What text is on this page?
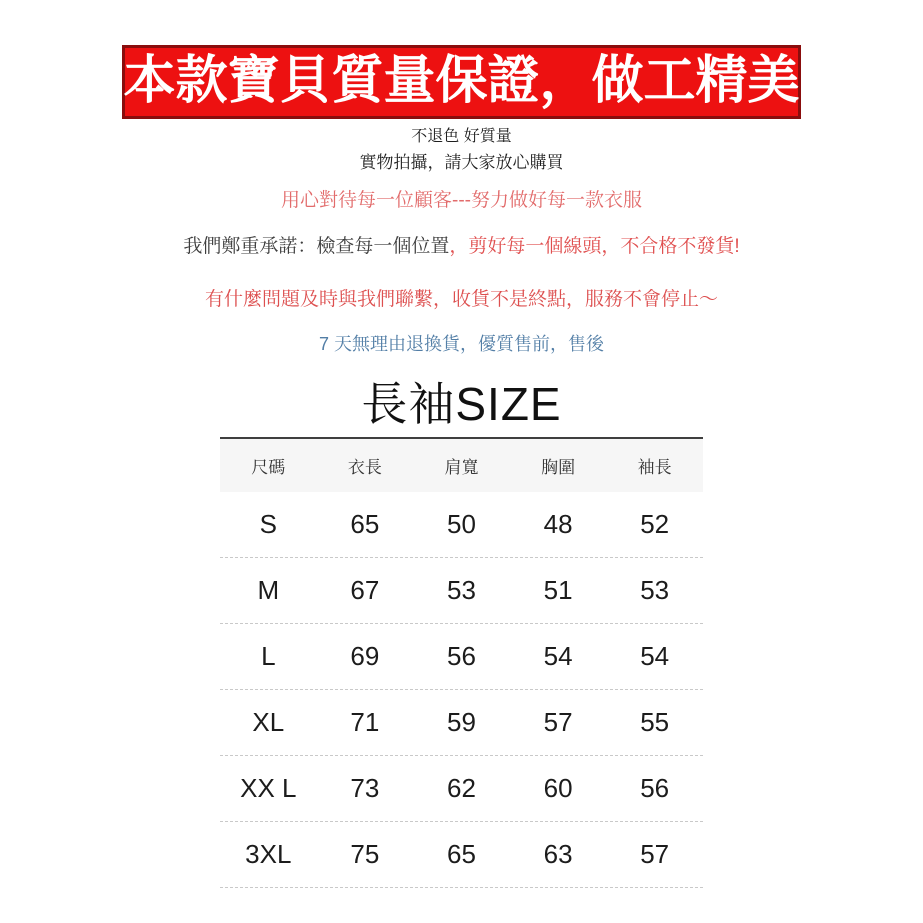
本款寶貝質量保證，做工精美
不退色 好質量
實物拍攝，請大家放心購買
用心對待每一位顧客---努力做好每一款衣服
我們鄭重承諾：檢查每一個位置，剪好每一個線頭，不合格不發貨!
有什麼問題及時與我們聯繫，收貨不是終點，服務不會停止～
7 天無理由退換貨，優質售前，售後
長袖SIZE
尺碼	衣長	肩寬	胸圍	袖長
S	65	50	48	52
M	67	53	51	53
L	69	56	54	54
XL	71	59	57	55
XX L	73	62	60	56
3XL	75	65	63	57
